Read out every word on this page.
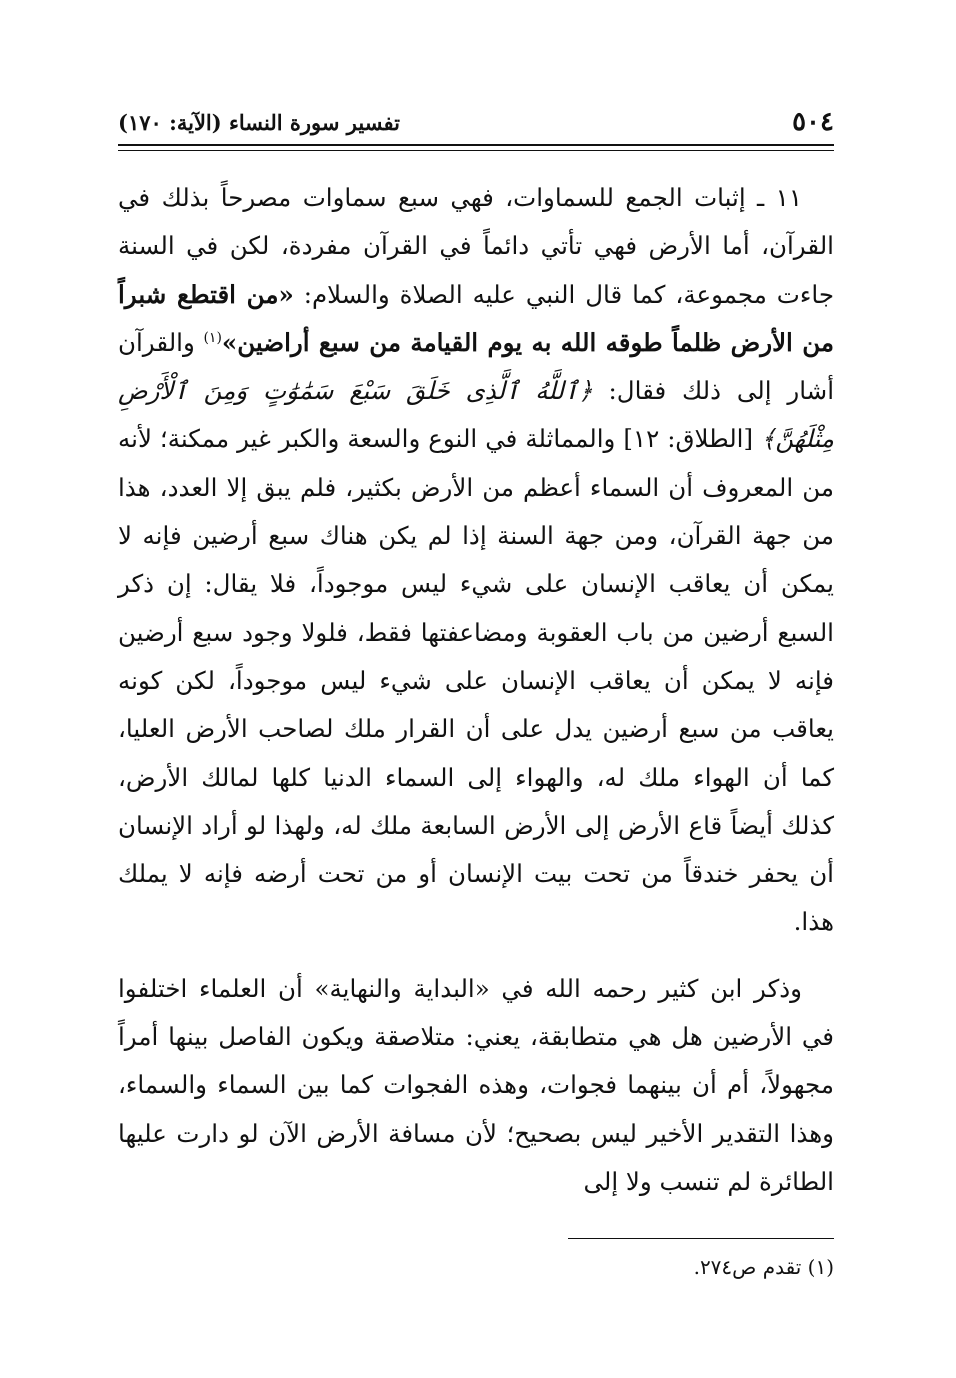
٥٠٤
تفسير سورة النساء (الآية: ١٧٠)

١١ ـ إثبات الجمع للسماوات، فهي سبع سماوات مصرحاً بذلك في القرآن، أما الأرض فهي تأتي دائماً في القرآن مفردة، لكن في السنة جاءت مجموعة، كما قال النبي عليه الصلاة والسلام: «من اقتطع شبراً من الأرض ظلماً طوقه الله به يوم القيامة من سبع أراضين»$^{(١)}$ والقرآن أشار إلى ذلك فقال: ﴿ٱللَّهُ ٱلَّذِى خَلَقَ سَبْعَ سَمَٰوَٰتٍ وَمِنَ ٱلْأَرْضِ مِثْلَهُنَّ﴾ [الطلاق: ١٢] والمماثلة في النوع والسعة والكبر غير ممكنة؛ لأنه من المعروف أن السماء أعظم من الأرض بكثير، فلم يبق إلا العدد، هذا من جهة القرآن، ومن جهة السنة إذا لم يكن هناك سبع أرضين فإنه لا يمكن أن يعاقب الإنسان على شيء ليس موجوداً، فلا يقال: إن ذكر السبع أرضين من باب العقوبة ومضاعفتها فقط، فلولا وجود سبع أرضين فإنه لا يمكن أن يعاقب الإنسان على شيء ليس موجوداً، لكن كونه يعاقب من سبع أرضين يدل على أن القرار ملك لصاحب الأرض العليا، كما أن الهواء ملك له، والهواء إلى السماء الدنيا كلها لمالك الأرض، كذلك أيضاً قاع الأرض إلى الأرض السابعة ملك له، ولهذا لو أراد الإنسان أن يحفر خندقاً من تحت بيت الإنسان أو من تحت أرضه فإنه لا يملك هذا.

وذكر ابن كثير رحمه الله في «البداية والنهاية» أن العلماء اختلفوا في الأرضين هل هي متطابقة، يعني: متلاصقة ويكون الفاصل بينها أمراً مجهولاً، أم أن بينهما فجوات، وهذه الفجوات كما بين السماء والسماء، وهذا التقدير الأخير ليس بصحيح؛ لأن مسافة الأرض الآن لو دارت عليها الطائرة لم تنسب ولا إلى

(١) تقدم ص٢٧٤.
